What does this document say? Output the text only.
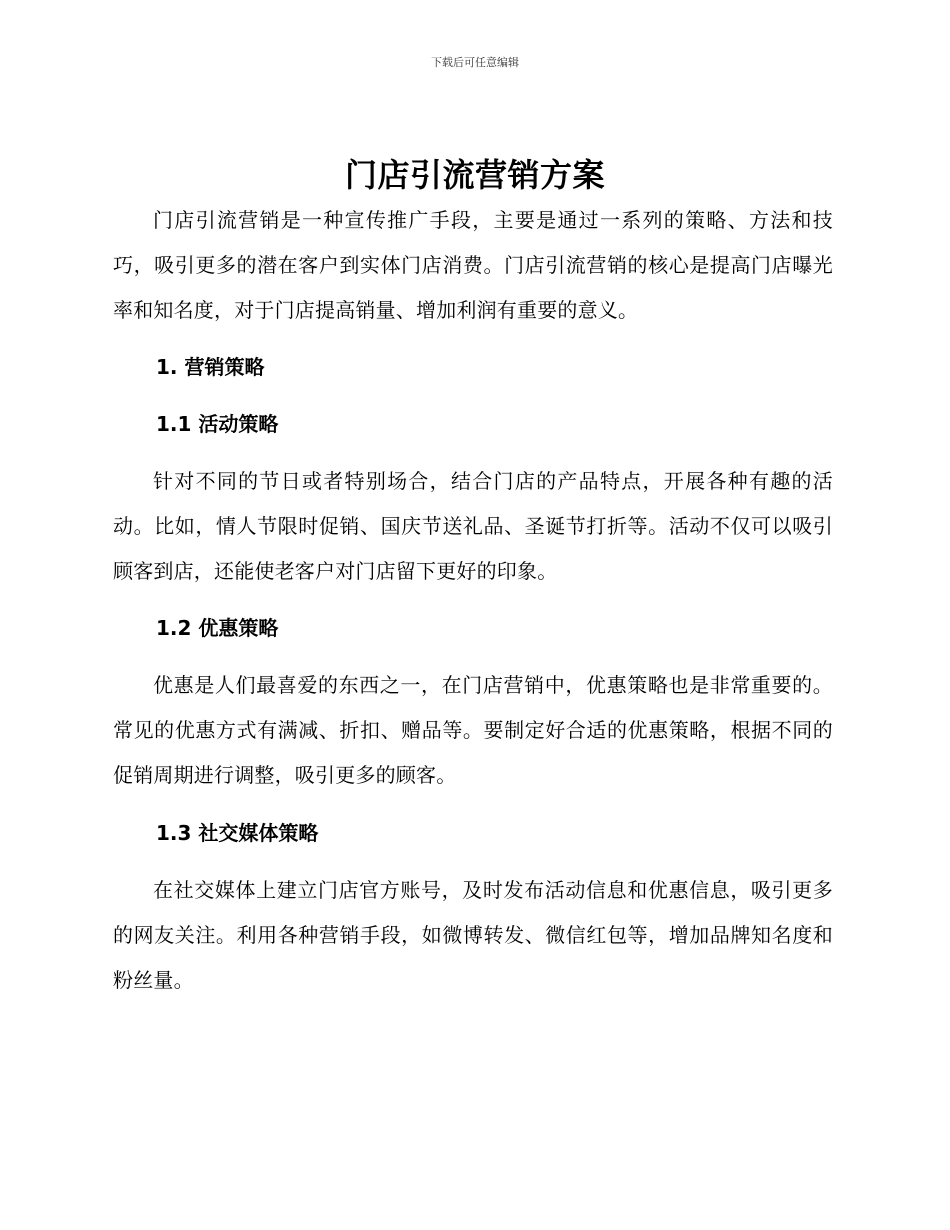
下载后可任意编辑
门店引流营销方案

门店引流营销是一种宣传推广手段，主要是通过一系列的策略、方法和技巧，吸引更多的潜在客户到实体门店消费。门店引流营销的核心是提高门店曝光率和知名度，对于门店提高销量、增加利润有重要的意义。

1. 营销策略
1.1 活动策略

针对不同的节日或者特别场合，结合门店的产品特点，开展各种有趣的活动。比如，情人节限时促销、国庆节送礼品、圣诞节打折等。活动不仅可以吸引顾客到店，还能使老客户对门店留下更好的印象。

1.2 优惠策略

优惠是人们最喜爱的东西之一，在门店营销中，优惠策略也是非常重要的。常见的优惠方式有满减、折扣、赠品等。要制定好合适的优惠策略，根据不同的促销周期进行调整，吸引更多的顾客。

1.3 社交媒体策略

在社交媒体上建立门店官方账号，及时发布活动信息和优惠信息，吸引更多的网友关注。利用各种营销手段，如微博转发、微信红包等，增加品牌知名度和粉丝量。
